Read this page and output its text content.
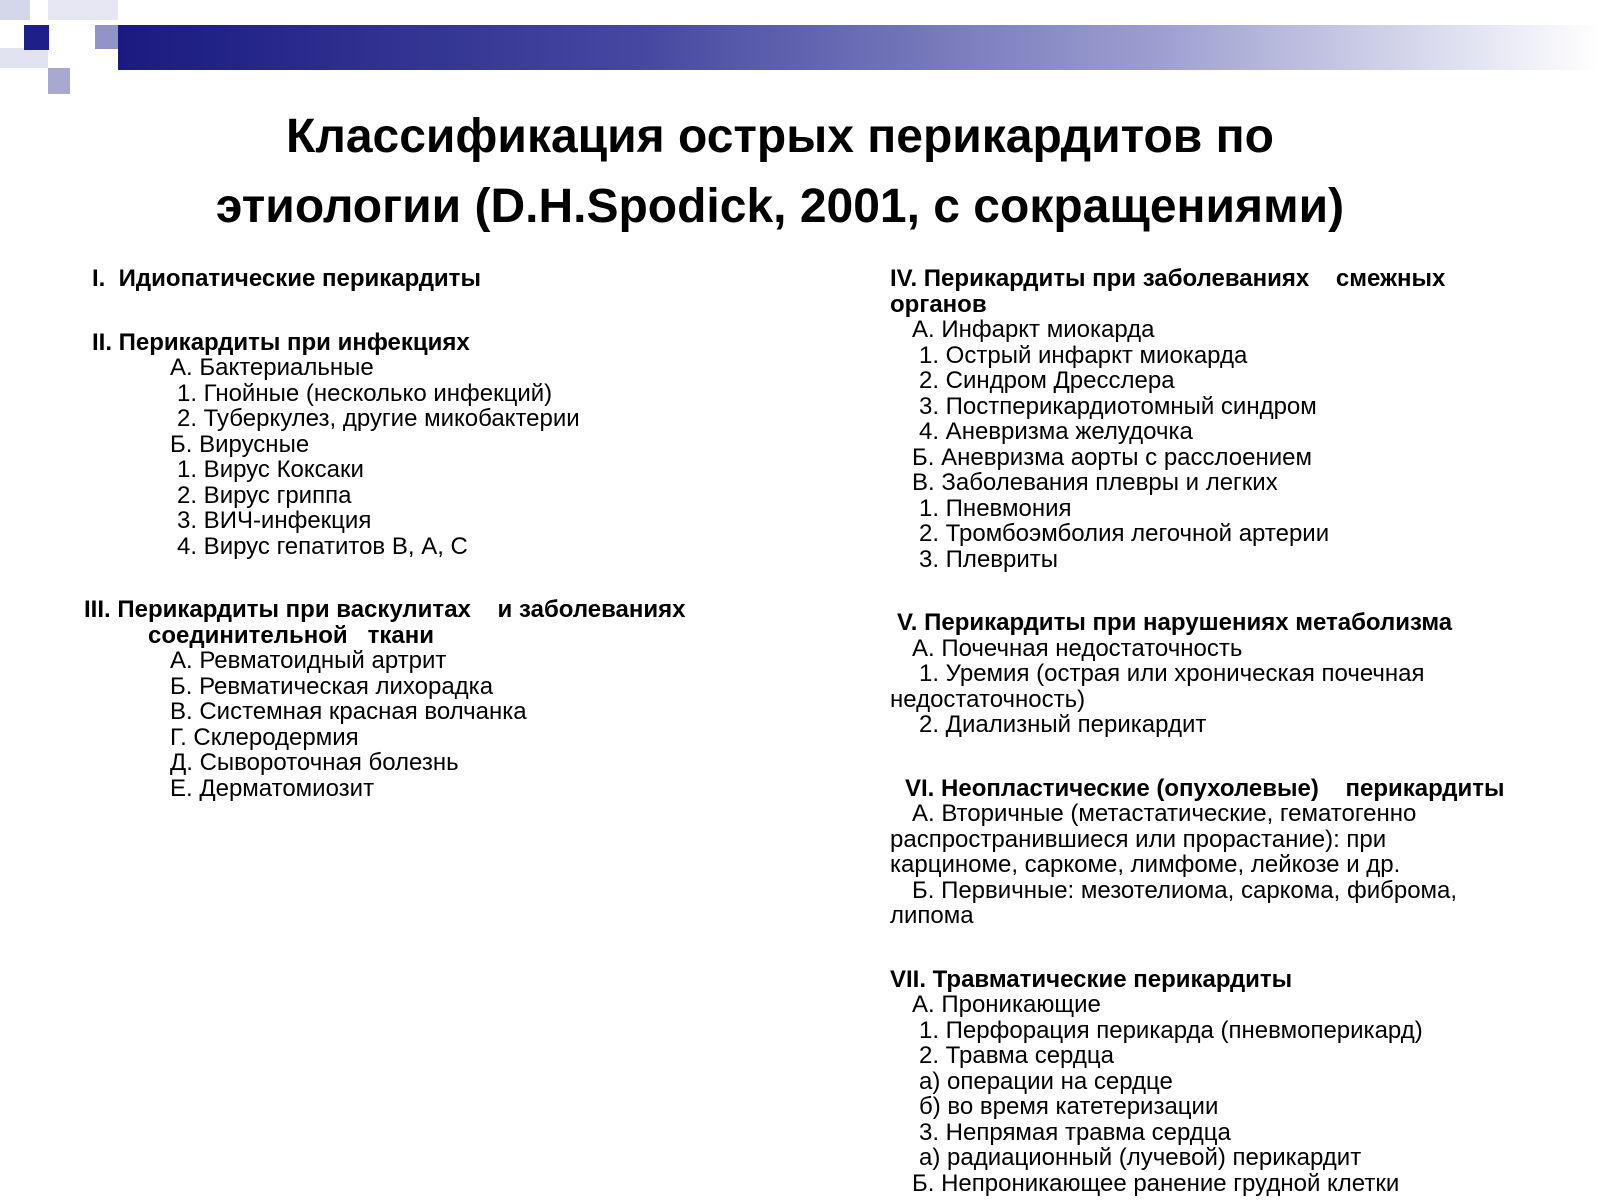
Классификация острых перикардитов по
этиологии (D.H.Spodick, 2001, с сокращениями)
I.  Идиопатические перикардиты
II. Перикардиты при инфекциях
А. Бактериальные
1. Гнойные (несколько инфекций)
2. Туберкулез, другие микобактерии
Б. Вирусные
1. Вирус Коксаки
2. Вирус гриппа
3. ВИЧ-инфекция
4. Вирус гепатитов В, А, С
III. Перикардиты при васкулитах    и заболеваниях
соединительной   ткани
А. Ревматоидный артрит
Б. Ревматическая лихорадка
В. Системная красная волчанка
Г. Склеродермия
Д. Сывороточная болезнь
Е. Дерматомиозит
IV. Перикардиты при заболеваниях    смежных
органов
А. Инфаркт миокарда
1. Острый инфаркт миокарда
2. Синдром Дресслера
3. Постперикардиотомный синдром
4. Аневризма желудочка
Б. Аневризма аорты с расслоением
В. Заболевания плевры и легких
1. Пневмония
2. Тромбоэмболия легочной артерии
3. Плевриты
V. Перикардиты при нарушениях метаболизма
А. Почечная недостаточность
1. Уремия (острая или хроническая почечная
недостаточность)
2. Диализный перикардит
VI. Неопластические (опухолевые)    перикардиты
А. Вторичные (метастатические, гематогенно
распространившиеся или прорастание): при
карциноме, саркоме, лимфоме, лейкозе и др.
Б. Первичные: мезотелиома, саркома, фиброма,
липома
VII. Травматические перикардиты
А. Проникающие
1. Перфорация перикарда (пневмоперикард)
2. Травма сердца
а) операции на сердце
б) во время катетеризации
3. Непрямая травма сердца
а) радиационный (лучевой) перикардит
Б. Непроникающее ранение грудной клетки
